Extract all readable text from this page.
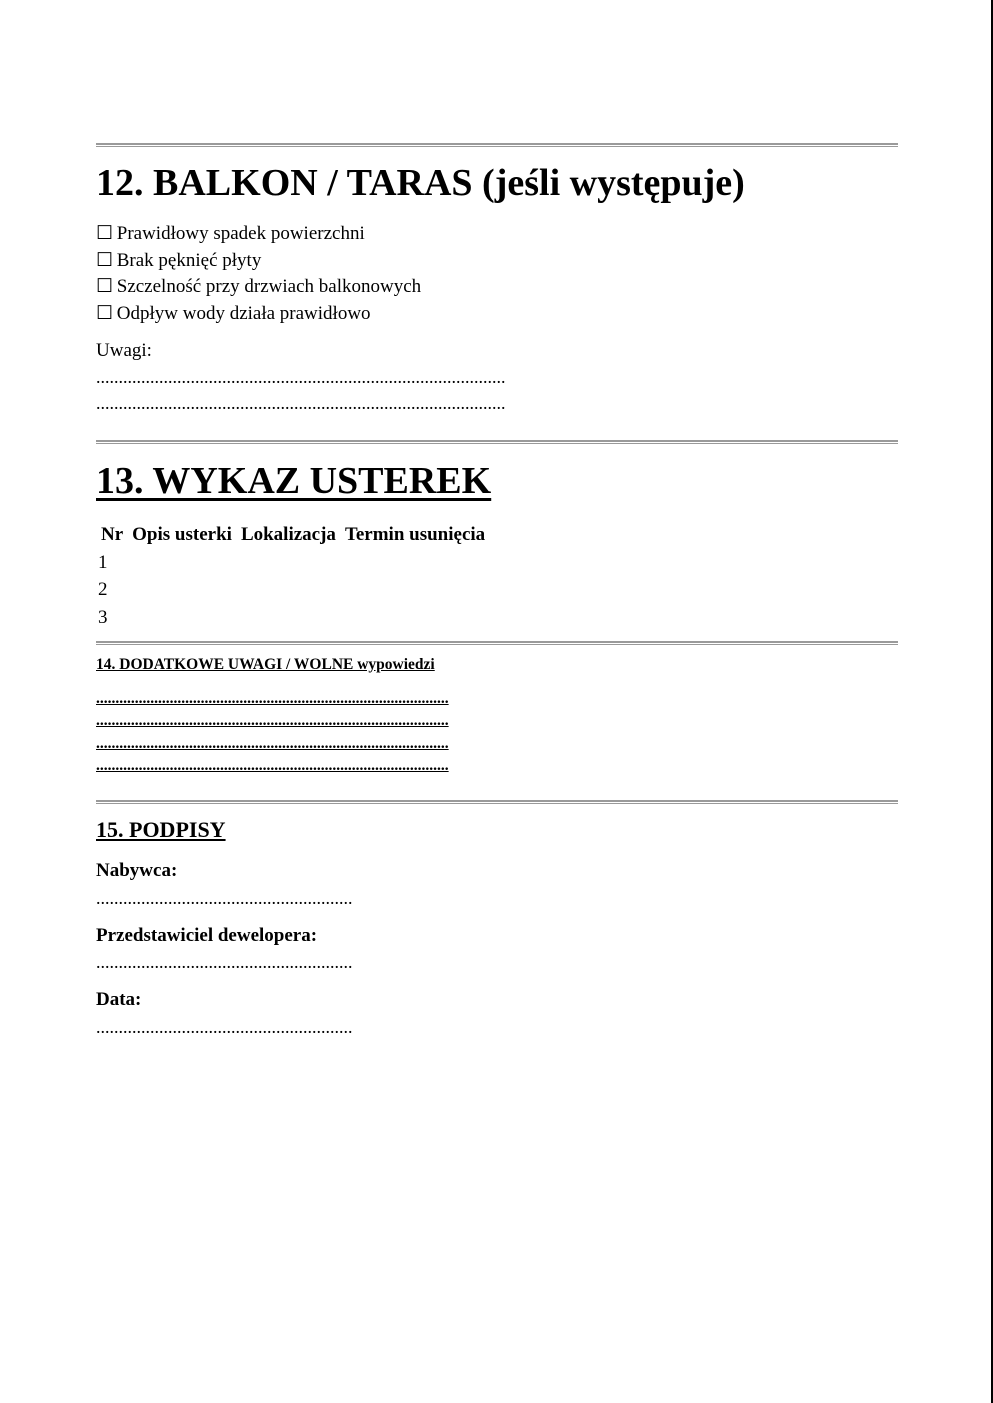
12. BALKON / TARAS (jeśli występuje)
☐ Prawidłowy spadek powierzchni
☐ Brak pęknięć płyty
☐ Szczelność przy drzwiach balkonowych
☐ Odpływ wody działa prawidłowo
Uwagi:
...........................................................................................
...........................................................................................
13. WYKAZ USTEREK
Nr	Opis usterki	Lokalizacja	Termin usunięcia
1			
2			
3			
14. DODATKOWE UWAGI / WOLNE wypowiedzi
...........................................................................................
...........................................................................................
...........................................................................................
...........................................................................................
15. PODPISY
Nabywca:
.........................................................
Przedstawiciel dewelopera:
.........................................................
Data:
.........................................................
